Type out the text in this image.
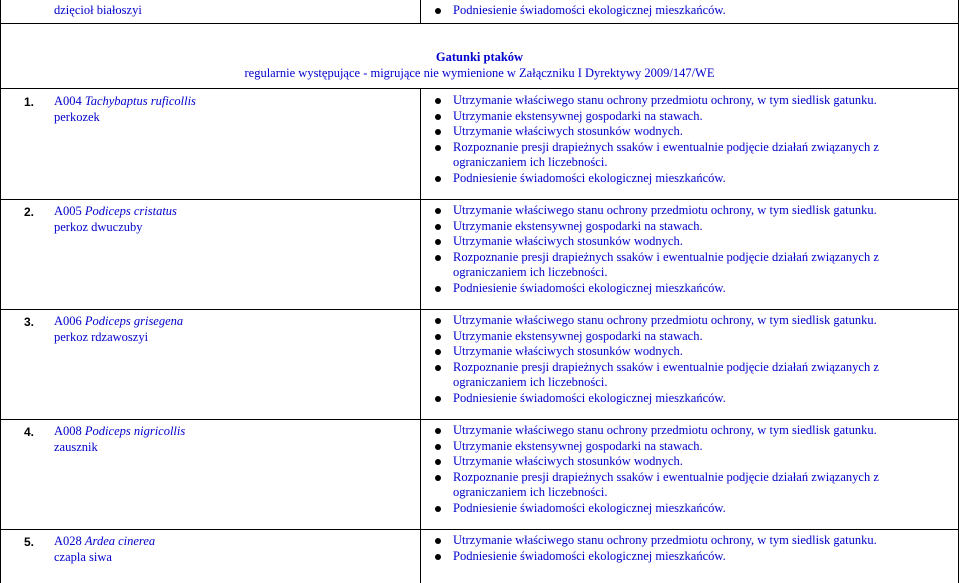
dzięcioł białoszyi	Podniesienie świadomości ekologicznej mieszkańców.
Gatunki ptaków
regularnie występujące - migrujące nie wymienione w Załączniku I Dyrektywy 2009/147/WE
1. A004 Tachybaptus ruficollis
perkozek
Utrzymanie właściwego stanu ochrony przedmiotu ochrony, w tym siedlisk gatunku.
Utrzymanie ekstensywnej gospodarki na stawach.
Utrzymanie właściwych stosunków wodnych.
Rozpoznanie presji drapieżnych ssaków i ewentualnie podjęcie działań związanych z ograniczaniem ich liczebności.
Podniesienie świadomości ekologicznej mieszkańców.
2. A005 Podiceps cristatus
perkoz dwuczuby
Utrzymanie właściwego stanu ochrony przedmiotu ochrony, w tym siedlisk gatunku.
Utrzymanie ekstensywnej gospodarki na stawach.
Utrzymanie właściwych stosunków wodnych.
Rozpoznanie presji drapieżnych ssaków i ewentualnie podjęcie działań związanych z ograniczaniem ich liczebności.
Podniesienie świadomości ekologicznej mieszkańców.
3. A006 Podiceps grisegena
perkoz rdzawoszyi
Utrzymanie właściwego stanu ochrony przedmiotu ochrony, w tym siedlisk gatunku.
Utrzymanie ekstensywnej gospodarki na stawach.
Utrzymanie właściwych stosunków wodnych.
Rozpoznanie presji drapieżnych ssaków i ewentualnie podjęcie działań związanych z ograniczaniem ich liczebności.
Podniesienie świadomości ekologicznej mieszkańców.
4. A008 Podiceps nigricollis
zausznik
Utrzymanie właściwego stanu ochrony przedmiotu ochrony, w tym siedlisk gatunku.
Utrzymanie ekstensywnej gospodarki na stawach.
Utrzymanie właściwych stosunków wodnych.
Rozpoznanie presji drapieżnych ssaków i ewentualnie podjęcie działań związanych z ograniczaniem ich liczebności.
Podniesienie świadomości ekologicznej mieszkańców.
5. A028 Ardea cinerea
czapla siwa
Utrzymanie właściwego stanu ochrony przedmiotu ochrony, w tym siedlisk gatunku.
Podniesienie świadomości ekologicznej mieszkańców.
